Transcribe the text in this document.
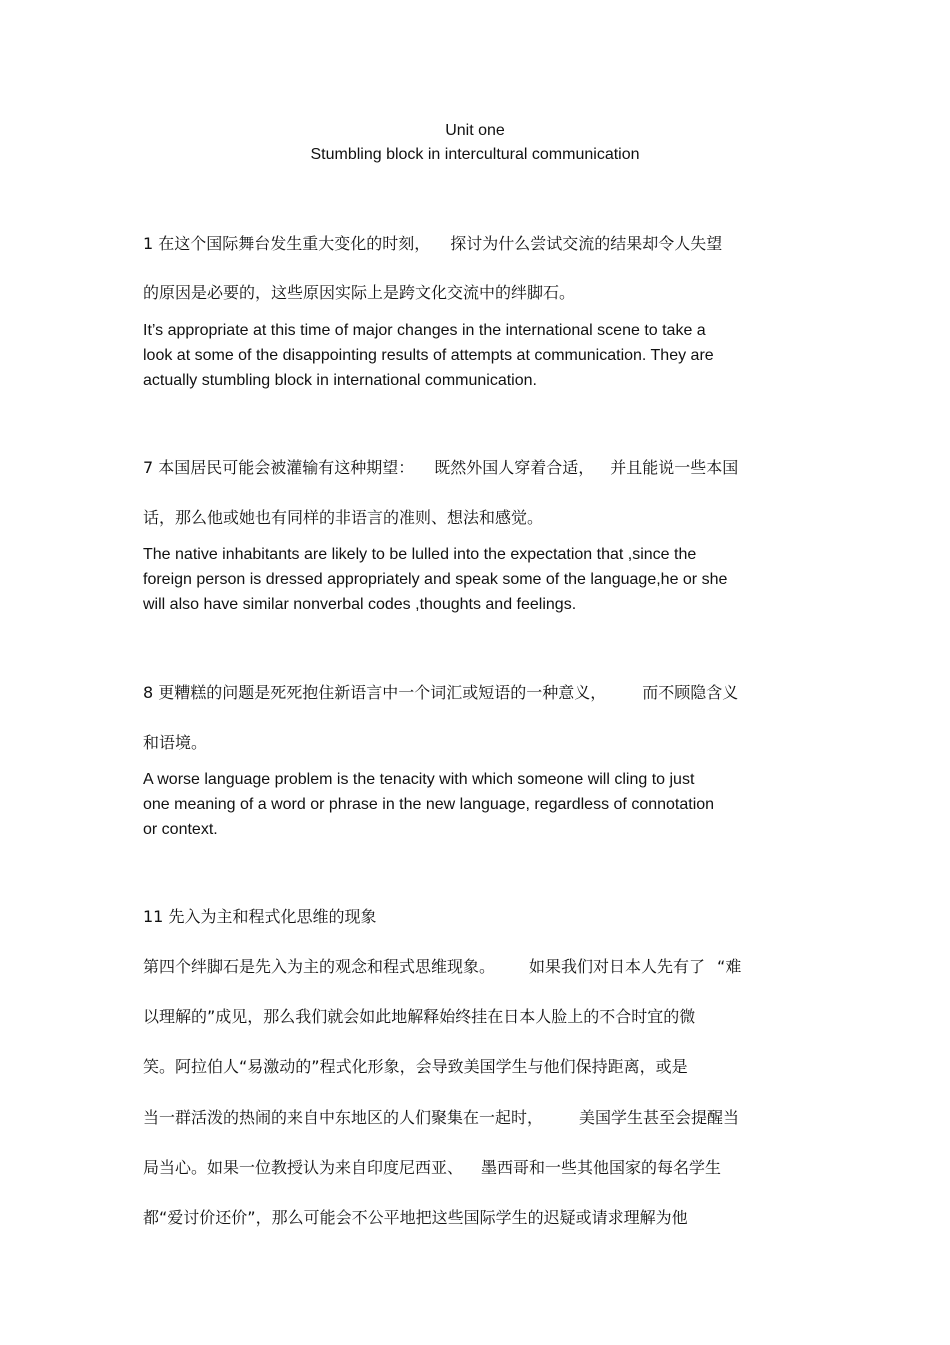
Unit one
Stumbling block in intercultural communication
1 在这个国际舞台发生重大变化的时刻， 探讨为什么尝试交流的结果却令人失望
的原因是必要的，这些原因实际上是跨文化交流中的绊脚石。
It’s appropriate at this time of major changes in the international scene to take a
look at some of the disappointing results of attempts at communication. They are
actually stumbling block in international communication.
7 本国居民可能会被灌输有这种期望： 既然外国人穿着合适， 并且能说一些本国
话，那么他或她也有同样的非语言的准则、想法和感觉。
The native inhabitants are likely to be lulled into the expectation that ,since the
foreign person is dressed appropriately and speak some of the language,he or she
will also have similar nonverbal codes ,thoughts and feelings.
8 更糟糕的问题是死死抱住新语言中一个词汇或短语的一种意义， 而不顾隐含义
和语境。
A worse language problem is the tenacity with which someone will cling to just
one meaning of a word or phrase in the new language, regardless of connotation
or context.
11 先入为主和程式化思维的现象
第四个绊脚石是先入为主的观念和程式思维现象。 如果我们对日本人先有了 “难
以理解的”成见，那么我们就会如此地解释始终挂在日本人脸上的不合时宜的微
笑。阿拉伯人“易激动的”程式化形象，会导致美国学生与他们保持距离，或是
当一群活泼的热闹的来自中东地区的人们聚集在一起时， 美国学生甚至会提醒当
局当心。如果一位教授认为来自印度尼西亚、 墨西哥和一些其他国家的每名学生
都“爱讨价还价”，那么可能会不公平地把这些国际学生的迟疑或请求理解为他
